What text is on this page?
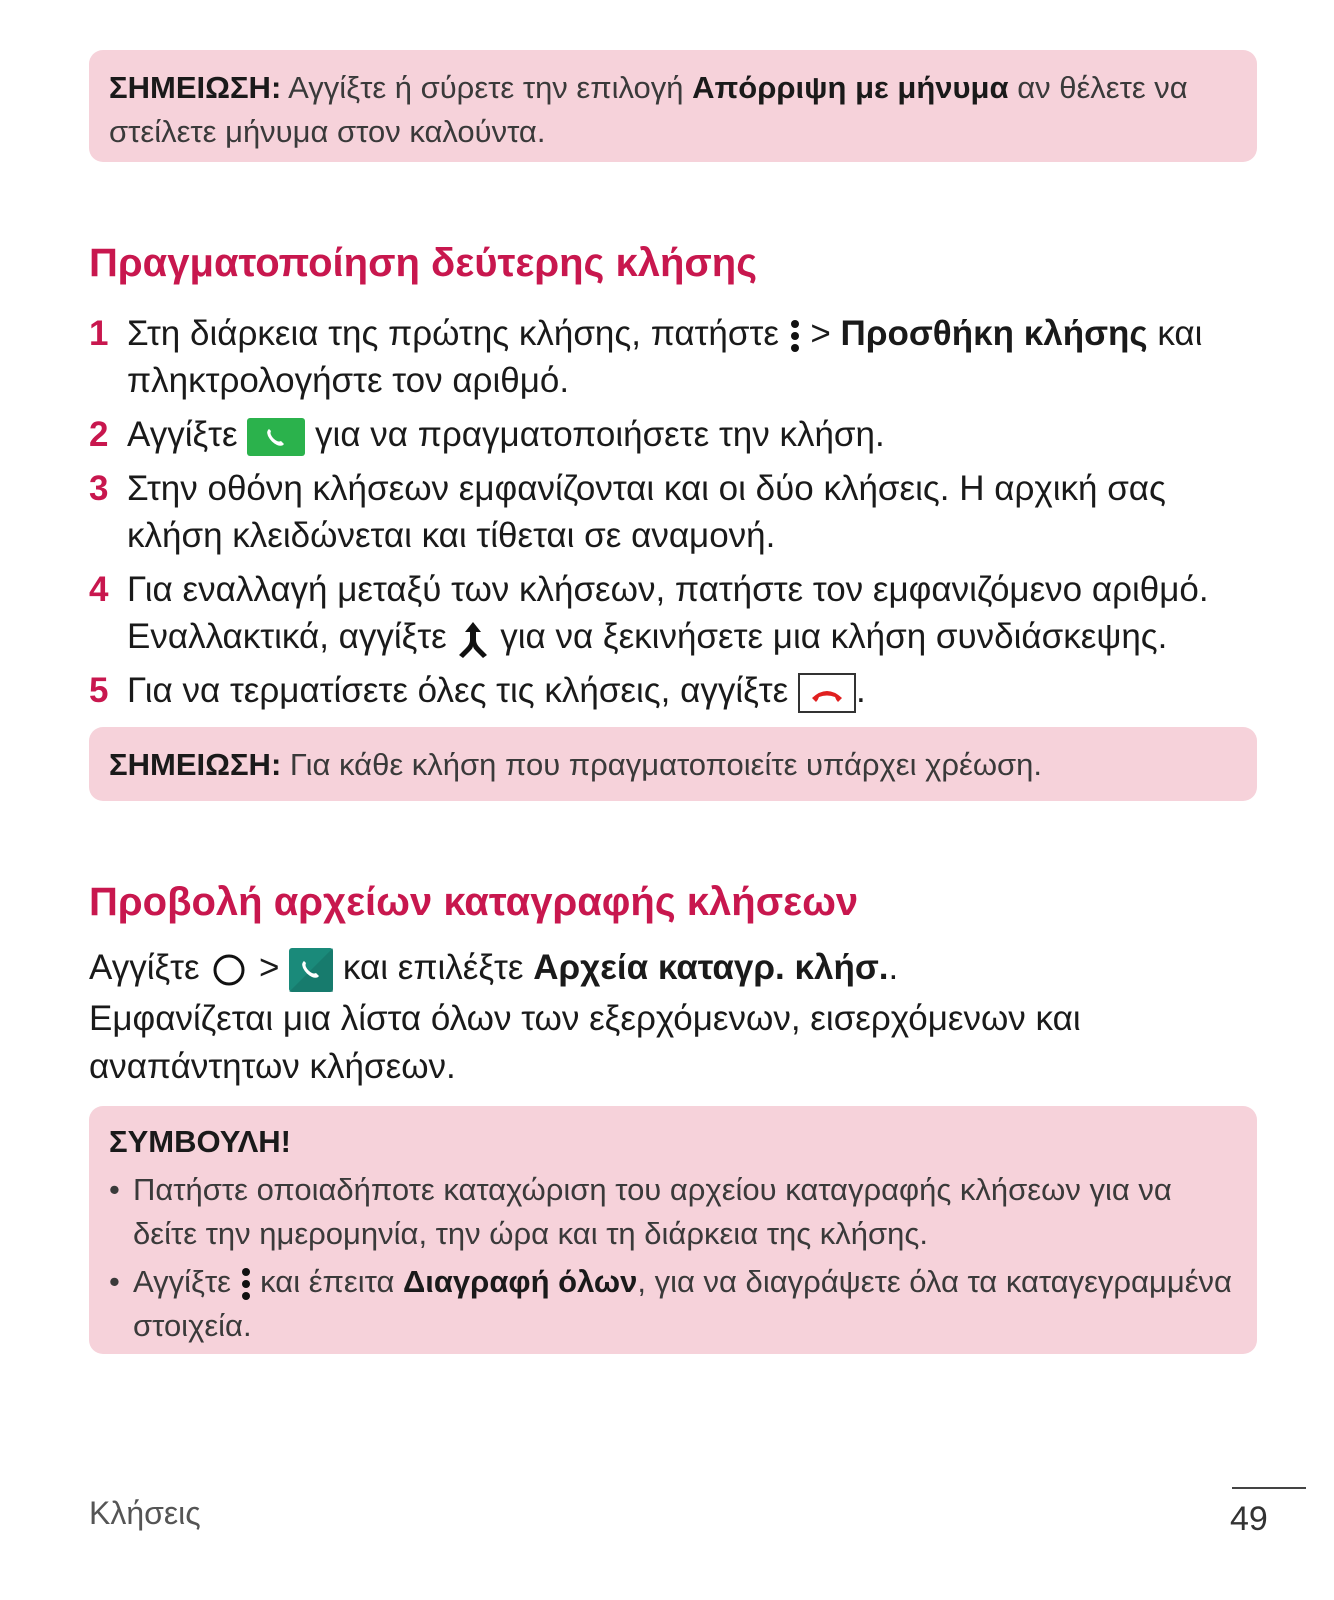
ΣΗΜΕΙΩΣΗ: Αγγίξτε ή σύρετε την επιλογή Απόρριψη με μήνυμα αν θέλετε να στείλετε μήνυμα στον καλούντα.
Πραγματοποίηση δεύτερης κλήσης
1 Στη διάρκεια της πρώτης κλήσης, πατήστε
> Προσθήκη κλήσης και πληκτρολογήστε τον αριθμό.
2 Αγγίξτε
για να πραγματοποιήσετε την κλήση.
3 Στην οθόνη κλήσεων εμφανίζονται και οι δύο κλήσεις. Η αρχική σας κλήση κλειδώνεται και τίθεται σε αναμονή.
4 Για εναλλαγή μεταξύ των κλήσεων, πατήστε τον εμφανιζόμενο αριθμό. Εναλλακτικά, αγγίξτε
για να ξεκινήσετε μια κλήση συνδιάσκεψης.
5 Για να τερματίσετε όλες τις κλήσεις, αγγίξτε
.
ΣΗΜΕΙΩΣΗ: Για κάθε κλήση που πραγματοποιείτε υπάρχει χρέωση.
Προβολή αρχείων καταγραφής κλήσεων

Αγγίξτε
>
και επιλέξτε Αρχεία καταγρ. κλήσ..

Εμφανίζεται μια λίστα όλων των εξερχόμενων, εισερχόμενων και αναπάντητων κλήσεων.

ΣΥΜΒΟΥΛΗ!
• Πατήστε οποιαδήποτε καταχώριση του αρχείου καταγραφής κλήσεων για να δείτε την ημερομηνία, την ώρα και τη διάρκεια της κλήσης.
• Αγγίξτε
και έπειτα Διαγραφή όλων, για να διαγράψετε όλα τα καταγεγραμμένα στοιχεία.
Κλήσεις	49
